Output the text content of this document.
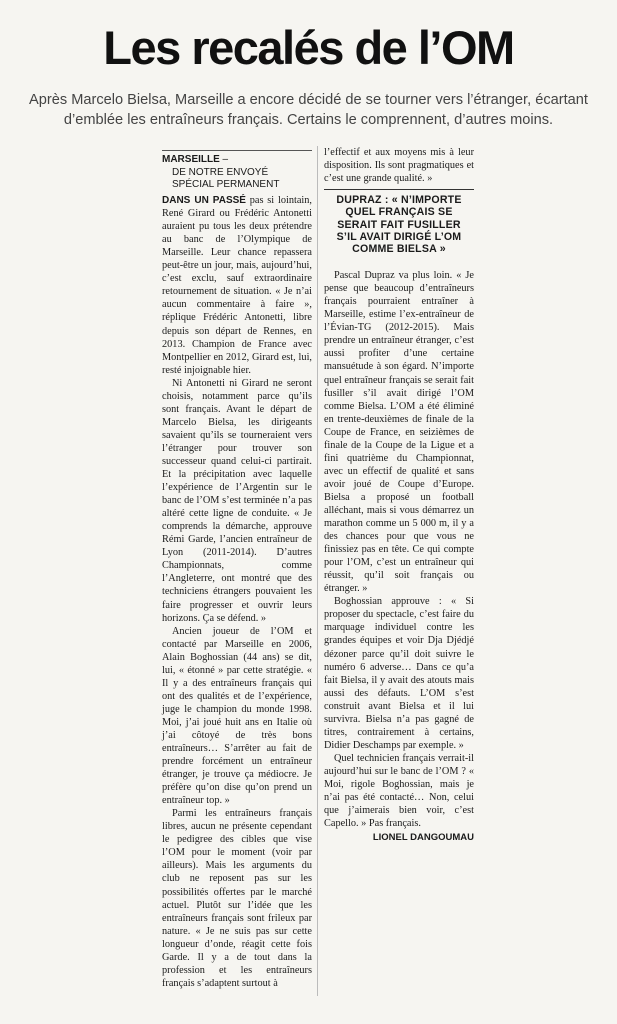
Les recalés de l’OM
Après Marcelo Bielsa, Marseille a encore décidé de se tourner vers l’étranger, écartant d’emblée les entraîneurs français. Certains le comprennent, d’autres moins.
MARSEILLE –
DE NOTRE ENVOYÉ SPÉCIAL PERMANENT

DANS UN PASSÉ pas si lointain, René Girard ou Frédéric Antonetti auraient pu tous les deux prétendre au banc de l’Olympique de Marseille. Leur chance repassera peut-être un jour, mais, aujourd’hui, c’est exclu, sauf extraordinaire retournement de situation. « Je n’ai aucun commentaire à faire », réplique Frédéric Antonetti, libre depuis son départ de Rennes, en 2013. Champion de France avec Montpellier en 2012, Girard est, lui, resté injoignable hier.

Ni Antonetti ni Girard ne seront choisis, notamment parce qu’ils sont français. Avant le départ de Marcelo Bielsa, les dirigeants savaient qu’ils se tourneraient vers l’étranger pour trouver son successeur quand celui-ci partirait. Et la précipitation avec laquelle l’expérience de l’Argentin sur le banc de l’OM s’est terminée n’a pas altéré cette ligne de conduite. « Je comprends la démarche, approuve Rémi Garde, l’ancien entraîneur de Lyon (2011-2014). D’autres Championnats, comme l’Angleterre, ont montré que des techniciens étrangers pouvaient les faire progresser et ouvrir leurs horizons. Ça se défend. »

Ancien joueur de l’OM et contacté par Marseille en 2006, Alain Boghossian (44 ans) se dit, lui, « étonné » par cette stratégie. « Il y a des entraîneurs français qui ont des qualités et de l’expérience, juge le champion du monde 1998. Moi, j’ai joué huit ans en Italie où j’ai côtoyé de très bons entraîneurs… S’arrêter au fait de prendre forcément un entraîneur étranger, je trouve ça médiocre. Je préfère qu’on dise qu’on prend un entraîneur top. »

Parmi les entraîneurs français libres, aucun ne présente cependant le pedigree des cibles que vise l’OM pour le moment (voir par ailleurs). Mais les arguments du club ne reposent pas sur les possibilités offertes par le marché actuel. Plutôt sur l’idée que les entraîneurs français sont frileux par nature. « Je ne suis pas sur cette longueur d’onde, réagit cette fois Garde. Il y a de tout dans la profession et les entraîneurs français s’adaptent surtout à

l’effectif et aux moyens mis à leur disposition. Ils sont pragmatiques et c’est une grande qualité. »

DUPRAZ : « N’IMPORTE QUEL FRANÇAIS SE SERAIT FAIT FUSILLER S’IL AVAIT DIRIGÉ L’OM COMME BIELSA »

Pascal Dupraz va plus loin. « Je pense que beaucoup d’entraîneurs français pourraient entraîner à Marseille, estime l’ex-entraîneur de l’Évian-TG (2012-2015). Mais prendre un entraîneur étranger, c’est aussi profiter d’une certaine mansuétude à son égard. N’importe quel entraîneur français se serait fait fusiller s’il avait dirigé l’OM comme Bielsa. L’OM a été éliminé en trente-deuxièmes de finale de la Coupe de France, en seizièmes de finale de la Coupe de la Ligue et a fini quatrième du Championnat, avec un effectif de qualité et sans avoir joué de Coupe d’Europe. Bielsa a proposé un football alléchant, mais si vous démarrez un marathon comme un 5 000 m, il y a des chances pour que vous ne finissiez pas en tête. Ce qui compte pour l’OM, c’est un entraîneur qui réussit, qu’il soit français ou étranger. »

Boghossian approuve : « Si proposer du spectacle, c’est faire du marquage individuel contre les grandes équipes et voir Dja Djédjé dézoner parce qu’il doit suivre le numéro 6 adverse… Dans ce qu’a fait Bielsa, il y avait des atouts mais aussi des défauts. L’OM s’est construit avant Bielsa et il lui survivra. Bielsa n’a pas gagné de titres, contrairement à certains, Didier Deschamps par exemple. »

Quel technicien français verrait-il aujourd’hui sur le banc de l’OM ? « Moi, rigole Boghossian, mais je n’ai pas été contacté… Non, celui que j’aimerais bien voir, c’est Capello. » Pas français.

LIONEL DANGOUMAU
